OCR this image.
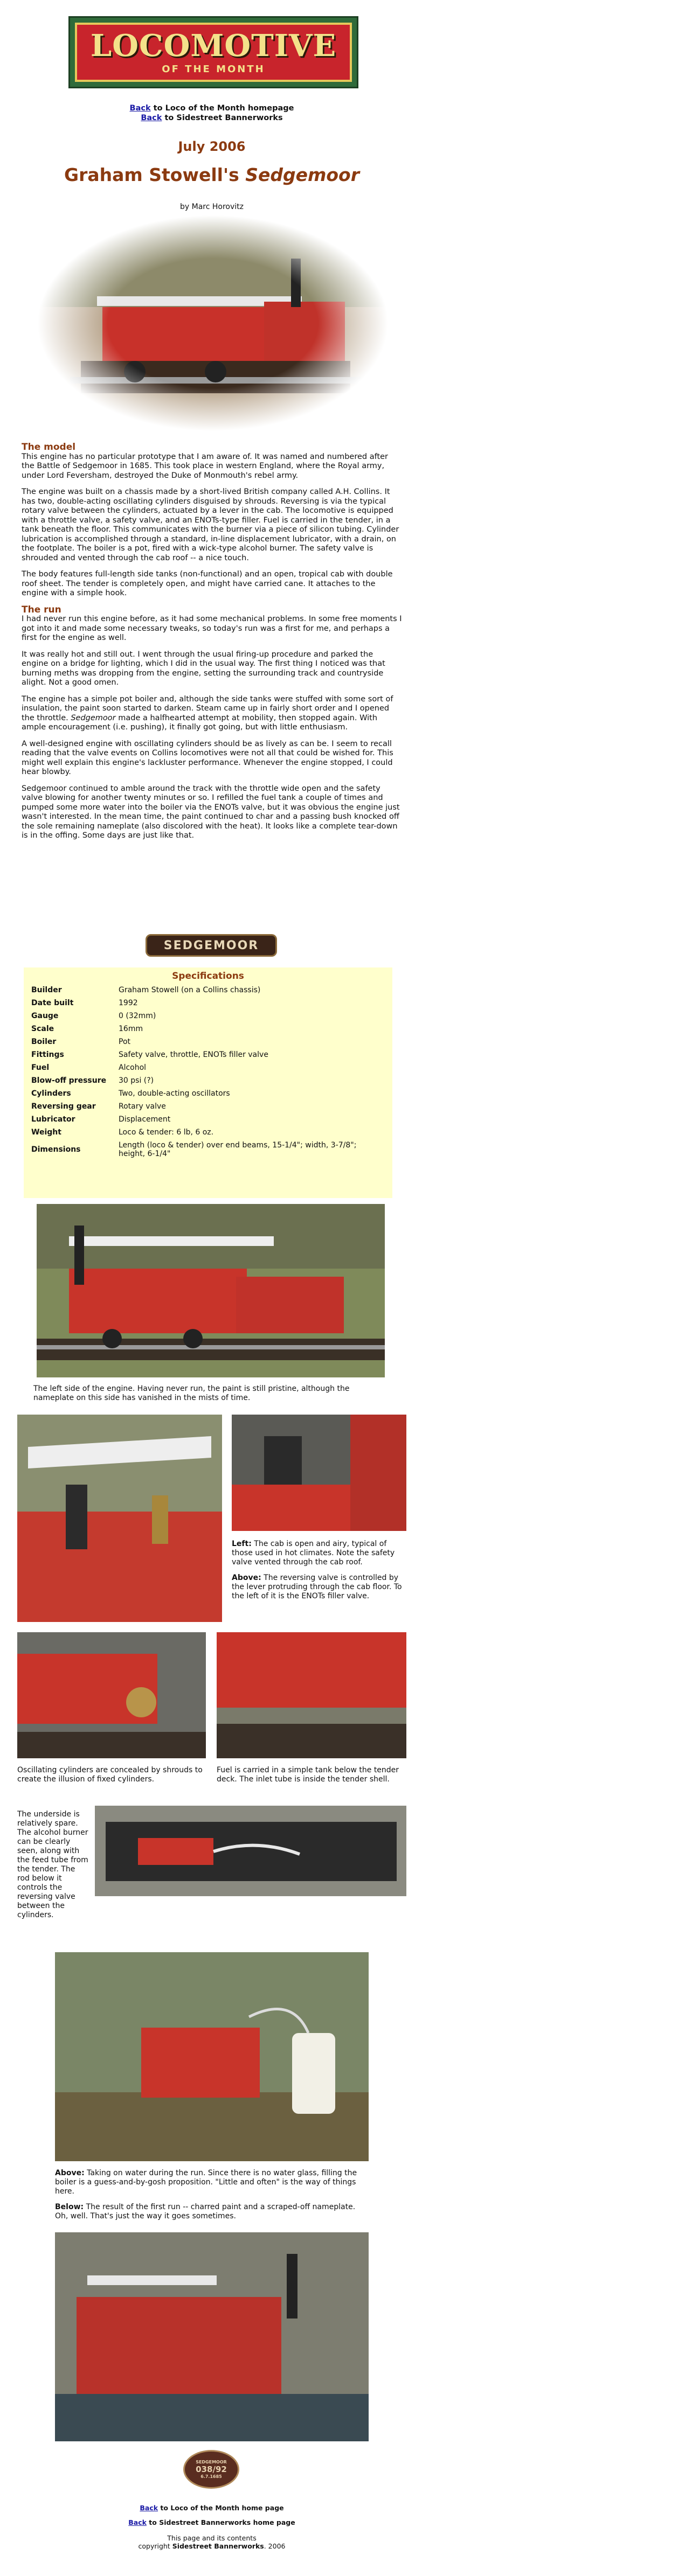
LOCOMOTIVE
OF THE MONTH
Back to Loco of the Month homepage
Back to Sidestreet Bannerworks
July 2006
Graham Stowell's Sedgemoor
by Marc Horovitz
The model

This engine has no particular prototype that I am aware of. It was named and numbered after the Battle of Sedgemoor in 1685. This took place in western England, where the Royal army, under Lord Feversham, destroyed the Duke of Monmouth's rebel army.

The engine was built on a chassis made by a short-lived British company called A.H. Collins. It has two, double-acting oscillating cylinders disguised by shrouds. Reversing is via the typical rotary valve between the cylinders, actuated by a lever in the cab. The locomotive is equipped with a throttle valve, a safety valve, and an ENOTs-type filler. Fuel is carried in the tender, in a tank beneath the floor. This communicates with the burner via a piece of silicon tubing. Cylinder lubrication is accomplished through a standard, in-line displacement lubricator, with a drain, on the footplate. The boiler is a pot, fired with a wick-type alcohol burner. The safety valve is shrouded and vented through the cab roof -- a nice touch.

The body features full-length side tanks (non-functional) and an open, tropical cab with double roof sheet. The tender is completely open, and might have carried cane. It attaches to the engine with a simple hook.

The run

I had never run this engine before, as it had some mechanical problems. In some free moments I got into it and made some necessary tweaks, so today's run was a first for me, and perhaps a first for the engine as well.

It was really hot and still out. I went through the usual firing-up procedure and parked the engine on a bridge for lighting, which I did in the usual way. The first thing I noticed was that burning meths was dropping from the engine, setting the surrounding track and countryside alight. Not a good omen.

The engine has a simple pot boiler and, although the side tanks were stuffed with some sort of insulation, the paint soon started to darken. Steam came up in fairly short order and I opened the throttle. Sedgemoor made a halfhearted attempt at mobility, then stopped again. With ample encouragement (i.e. pushing), it finally got going, but with little enthusiasm.

A well-designed engine with oscillating cylinders should be as lively as can be. I seem to recall reading that the valve events on Collins locomotives were not all that could be wished for. This might well explain this engine's lackluster performance. Whenever the engine stopped, I could hear blowby.

Sedgemoor continued to amble around the track with the throttle wide open and the safety valve blowing for another twenty minutes or so. I refilled the fuel tank a couple of times and pumped some more water into the boiler via the ENOTs valve, but it was obvious the engine just wasn't interested. In the mean time, the paint continued to char and a passing bush knocked off the sole remaining nameplate (also discolored with the heat). It looks like a complete tear-down is in the offing. Some days are just like that.

SEDGEMOOR
Specifications
Builder	Graham Stowell (on a Collins chassis)
Date built	1992
Gauge	0 (32mm)
Scale	16mm
Boiler	Pot
Fittings	Safety valve, throttle, ENOTs filler valve
Fuel	Alcohol
Blow-off pressure	30 psi (?)
Cylinders	Two, double-acting oscillators
Reversing gear	Rotary valve
Lubricator	Displacement
Weight	Loco & tender: 6 lb, 6 oz.
Dimensions	Length (loco & tender) over end beams, 15-1/4"; width, 3-7/8"; height, 6-1/4"
The left side of the engine. Having never run, the paint is still pristine, although the nameplate on this side has vanished in the mists of time.

Left: The cab is open and airy, typical of those used in hot climates. Note the safety valve vented through the cab roof.

Above: The reversing valve is controlled by the lever protruding through the cab floor. To the left of it is the ENOTs filler valve.

Oscillating cylinders are concealed by shrouds to create the illusion of fixed cylinders.
Fuel is carried in a simple tank below the tender deck. The inlet tube is inside the tender shell.
The underside is relatively spare. The alcohol burner can be clearly seen, along with the feed tube from the tender. The rod below it controls the reversing valve between the cylinders.

Above: Taking on water during the run. Since there is no water glass, filling the boiler is a guess-and-by-gosh proposition. "Little and often" is the way of things here.

Below: The result of the first run -- charred paint and a scraped-off nameplate. Oh, well. That's just the way it goes sometimes.

SEDGEMOOR
038/92
6.7.1685
Back to Loco of the Month home page
Back to Sidestreet Bannerworks home page
This page and its contents
copyright Sidestreet Bannerworks. 2006
